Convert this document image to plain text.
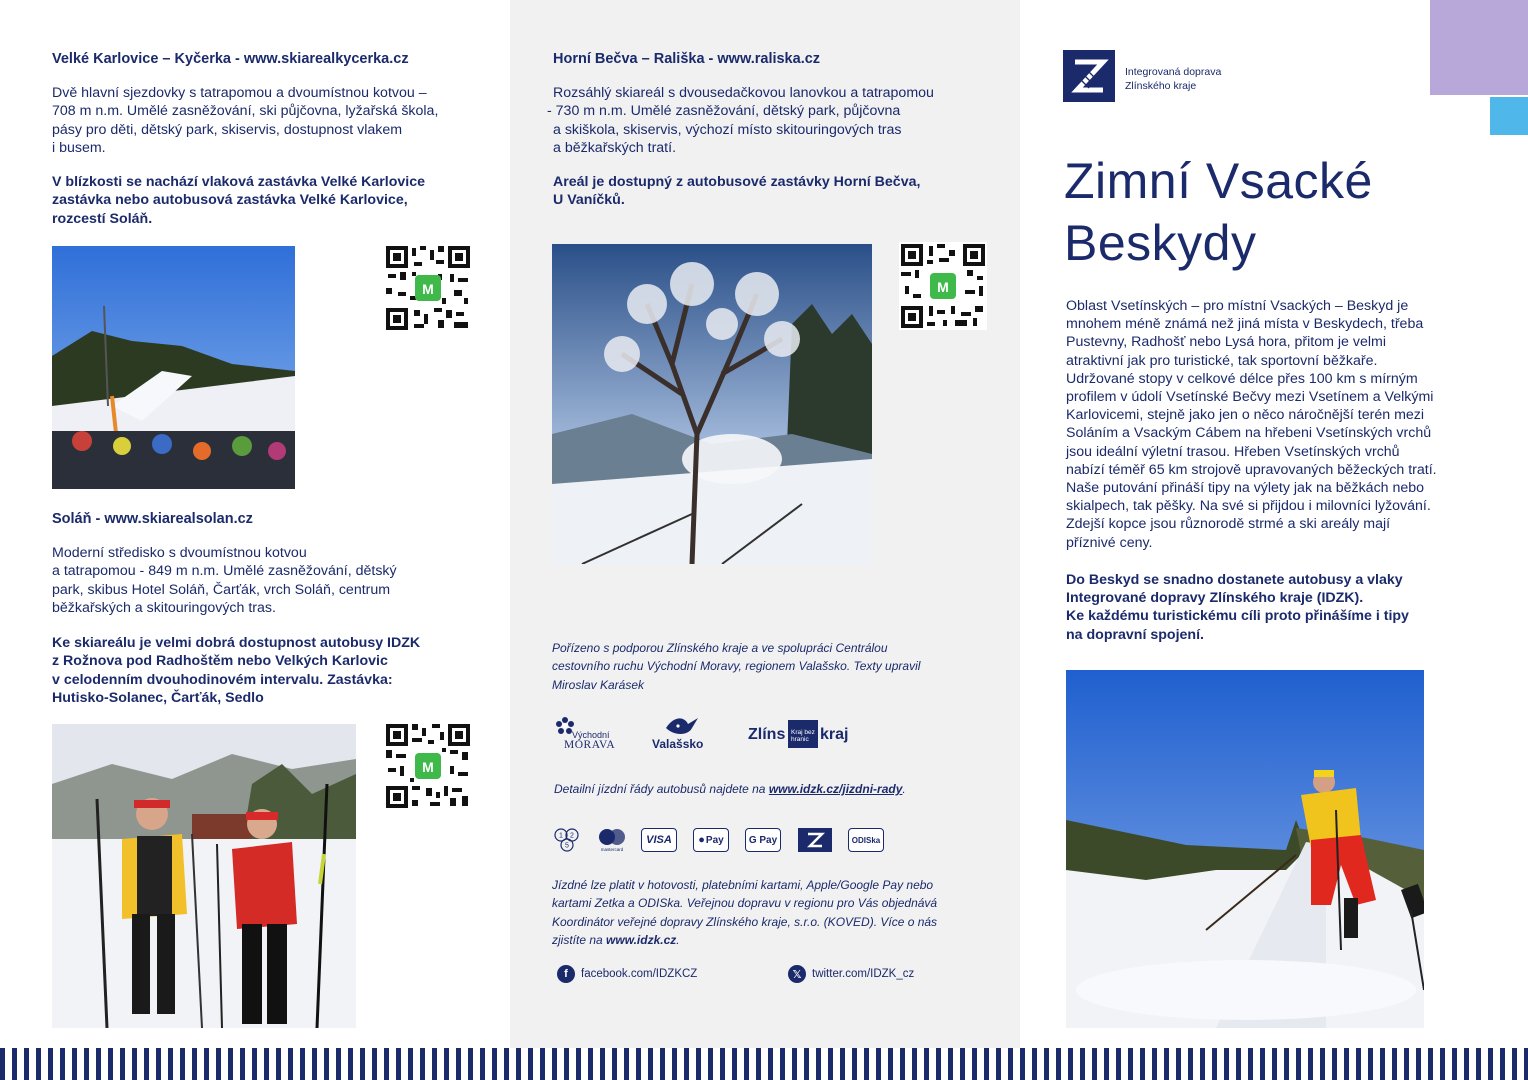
Velké Karlovice – Kyčerka - www.skiarealkycerka.cz
Dvě hlavní sjezdovky s tatrapomou a dvoumístnou kotvou –
708 m n.m. Umělé zasněžování, ski půjčovna, lyžařská škola,
pásy pro děti, dětský park, skiservis, dostupnost vlakem
i busem.
V blízkosti se nachází vlaková zastávka Velké Karlovice
zastávka nebo autobusová zastávka Velké Karlovice,
rozcestí Soláň.
M
Soláň - www.skiarealsolan.cz
Moderní středisko s dvoumístnou kotvou
a tatrapomou - 849 m n.m. Umělé zasněžování, dětský
park, skibus Hotel Soláň, Čarťák, vrch Soláň, centrum
běžkařských a skitouringových tras.
Ke skiareálu je velmi dobrá dostupnost autobusy IDZK
z Rožnova pod Radhoštěm nebo Velkých Karlovic
v celodenním dvouhodinovém intervalu. Zastávka:
Hutisko-Solanec, Čarťák, Sedlo
M
Horní Bečva – Rališka - www.raliska.cz
Rozsáhlý skiareál s dvousedačkovou lanovkou a tatrapomou
- 730 m n.m. Umělé zasněžování, dětský park, půjčovna
a skiškola, skiservis, výchozí místo skitouringových tras
a běžkařských tratí.
Areál je dostupný z autobusové zastávky Horní Bečva,
U Vaníčků.
M
Pořízeno s podporou Zlínského kraje a ve spolupráci Centrálou
cestovního ruchu Východní Moravy, regionem Valašsko. Texty upravil
Miroslav Karásek
Východní
MORAVA	Valašsko
Zlíns Kraj bez hranic kraj
Detailní jízdní řády autobusů najdete na www.idzk.cz/jizdni-rady.
1 2
5	mastercard
VISA	● Pay	G Pay	ODISka
Jízdné lze platit v hotovosti, platebními kartami, Apple/Google Pay nebo
kartami Zetka a ODISka. Veřejnou dopravu v regionu pro Vás objednává
Koordinátor veřejné dopravy Zlínského kraje, s.r.o. (KOVED). Více o nás
zjistíte na www.idzk.cz.
f	facebook.com/IDZKCZ	𝕏 twitter.com/IDZK_cz
Integrovaná doprava
Zlínského kraje
Zimní Vsacké
Beskydy
Oblast Vsetínských – pro místní Vsackých – Beskyd je
mnohem méně známá než jiná místa v Beskydech, třeba
Pustevny, Radhošť nebo Lysá hora, přitom je velmi
atraktivní jak pro turistické, tak sportovní běžkaře.
Udržované stopy v celkové délce přes 100 km s mírným
profilem v údolí Vsetínské Bečvy mezi Vsetínem a Velkými
Karlovicemi, stejně jako jen o něco náročnější terén mezi
Soláním a Vsackým Cábem na hřebeni Vsetínských vrchů
jsou ideální výletní trasou. Hřeben Vsetínských vrchů
nabízí téměř 65 km strojově upravovaných běžeckých tratí.
Naše putování přináší tipy na výlety jak na běžkách nebo
skialpech, tak pěšky. Na své si přijdou i milovníci lyžování.
Zdejší kopce jsou různorodě strmé a ski areály mají
příznivé ceny.
Do Beskyd se snadno dostanete autobusy a vlaky
Integrované dopravy Zlínského kraje (IDZK).
Ke každému turistickému cíli proto přinášíme i tipy
na dopravní spojení.
